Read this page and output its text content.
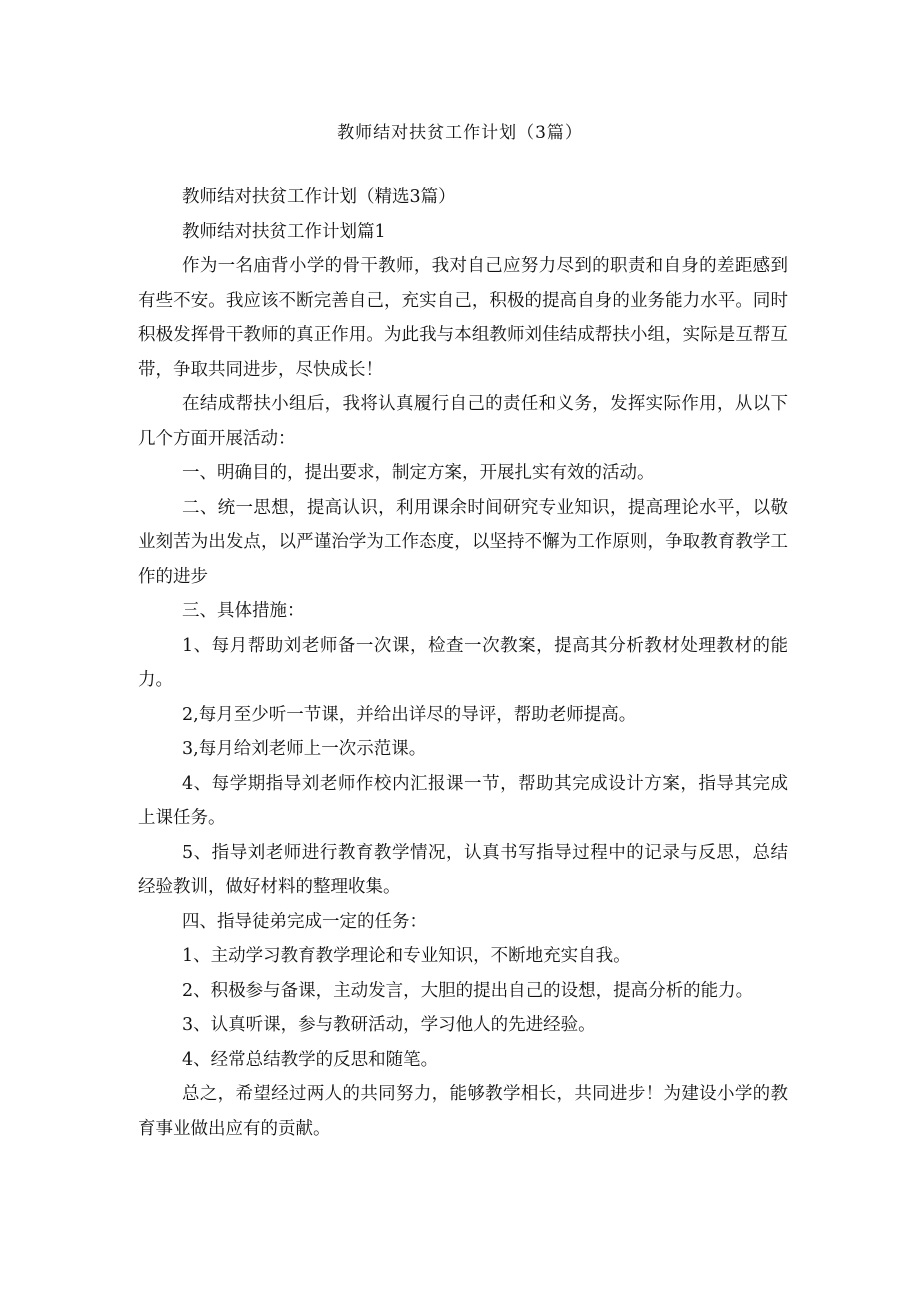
教师结对扶贫工作计划（3篇）

教师结对扶贫工作计划（精选3篇）

教师结对扶贫工作计划篇1

作为一名庙背小学的骨干教师，我对自己应努力尽到的职责和自身的差距感到有些不安。我应该不断完善自己，充实自己，积极的提高自身的业务能力水平。同时积极发挥骨干教师的真正作用。为此我与本组教师刘佳结成帮扶小组，实际是互帮互带，争取共同进步，尽快成长！

在结成帮扶小组后，我将认真履行自己的责任和义务，发挥实际作用，从以下几个方面开展活动：

一、明确目的，提出要求，制定方案，开展扎实有效的活动。

二、统一思想，提高认识，利用课余时间研究专业知识，提高理论水平，以敬业刻苦为出发点，以严谨治学为工作态度，以坚持不懈为工作原则，争取教育教学工作的进步

三、具体措施：

1、每月帮助刘老师备一次课，检查一次教案，提高其分析教材处理教材的能力。

2,每月至少听一节课，并给出详尽的导评，帮助老师提高。

3,每月给刘老师上一次示范课。

4、每学期指导刘老师作校内汇报课一节，帮助其完成设计方案，指导其完成上课任务。

5、指导刘老师进行教育教学情况，认真书写指导过程中的记录与反思，总结经验教训，做好材料的整理收集。

四、指导徒弟完成一定的任务：

1、主动学习教育教学理论和专业知识，不断地充实自我。

2、积极参与备课，主动发言，大胆的提出自己的设想，提高分析的能力。

3、认真听课，参与教研活动，学习他人的先进经验。

4、经常总结教学的反思和随笔。

总之，希望经过两人的共同努力，能够教学相长，共同进步！为建设小学的教育事业做出应有的贡献。
